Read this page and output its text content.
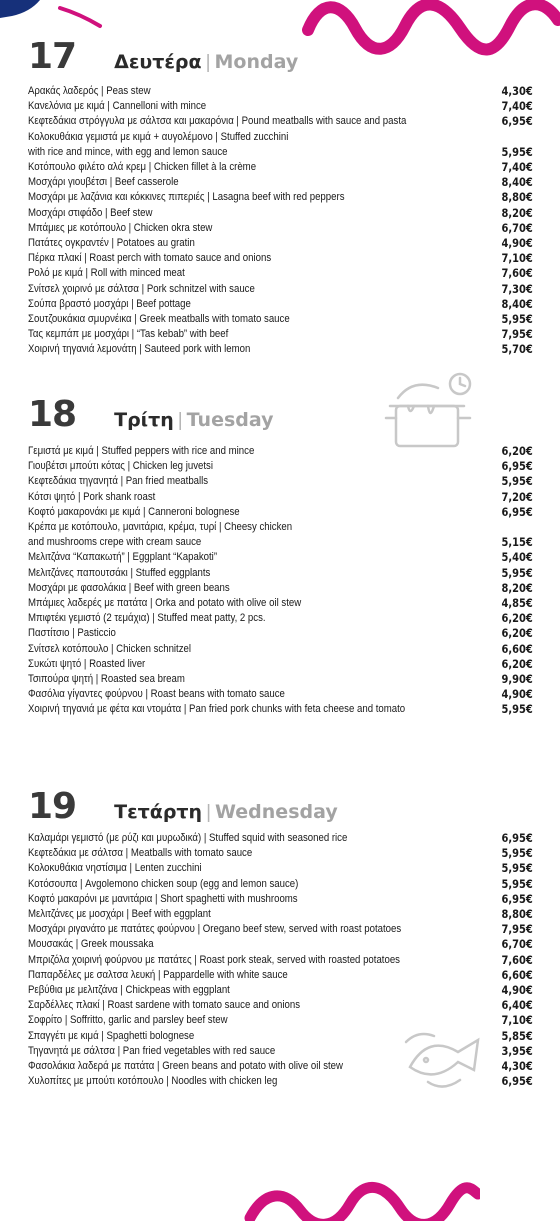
17 Δευτέρα | Monday
Αρακάς λαδερός | Peas stew	4,30€
Κανελόνια με κιμά | Cannelloni with mince	7,40€
Κεφτεδάκια στρόγγυλα με σάλτσα και μακαρόνια | Pound meatballs with sauce and pasta	6,95€
Κολοκυθάκια γεμιστά με κιμά + αυγολέμονο | Stuffed zucchini
with rice and mince, with egg and lemon sauce	5,95€
Κοτόπουλο φιλέτο αλά κρεμ | Chicken fillet à la crème	7,40€
Μοσχάρι γιουβέτσι | Beef casserole	8,40€
Μοσχάρι με λαζάνια και κόκκινες πιπεριές | Lasagna beef with red peppers	8,80€
Μοσχάρι στιφάδο | Beef stew	8,20€
Μπάμιες με κοτόπουλο | Chicken okra stew	6,70€
Πατάτες ογκραντέν | Potatoes au gratin	4,90€
Πέρκα πλακί | Roast perch with tomato sauce and onions	7,10€
Ρολό με κιμά | Roll with minced meat	7,60€
Σνίτσελ χοιρινό με σάλτσα | Pork schnitzel with sauce	7,30€
Σούπα βραστό μοσχάρι | Beef pottage	8,40€
Σουτζουκάκια σμυρνέικα | Greek meatballs with tomato sauce	5,95€
Τας κεμπάπ με μοσχάρι | “Tas kebab” with beef	7,95€
Χοιρινή τηγανιά λεμονάτη | Sauteed pork with lemon	5,70€
18 Τρίτη | Tuesday
Γεμιστά με κιμά | Stuffed peppers with rice and mince	6,20€
Γιουβέτσι μπούτι κότας | Chicken leg juvetsi	6,95€
Κεφτεδάκια τηγανητά | Pan fried meatballs	5,95€
Κότσι ψητό | Pork shank roast	7,20€
Κοφτό μακαρονάκι με κιμά | Canneroni bolognese	6,95€
Κρέπα με κοτόπουλο, μανιτάρια, κρέμα, τυρί | Cheesy chicken
and mushrooms crepe with cream sauce	5,15€
Μελιτζάνα “Καπακωτή” | Eggplant “Kapakoti”	5,40€
Μελιτζάνες παπουτσάκι | Stuffed eggplants	5,95€
Μοσχάρι με φασολάκια | Beef with green beans	8,20€
Μπάμιες λαδερές με πατάτα | Orka and potato with olive oil stew	4,85€
Μπιφτέκι γεμιστό (2 τεμάχια) | Stuffed meat patty, 2 pcs.	6,20€
Παστίτσιο | Pasticcio	6,20€
Σνίτσελ κοτόπουλο | Chicken schnitzel	6,60€
Συκώτι ψητό | Roasted liver	6,20€
Τσιπούρα ψητή | Roasted sea bream	9,90€
Φασόλια γίγαντες φούρνου | Roast beans with tomato sauce	4,90€
Χοιρινή τηγανιά με φέτα και ντομάτα | Pan fried pork chunks with feta cheese and tomato	5,95€
19 Τετάρτη | Wednesday
Καλαμάρι γεμιστό (με ρύζι και μυρωδικά) | Stuffed squid with seasoned rice	6,95€
Κεφτεδάκια με σάλτσα | Meatballs with tomato sauce	5,95€
Κολοκυθάκια νηστίσιμα | Lenten zucchini	5,95€
Κοτόσουπα | Avgolemono chicken soup (egg and lemon sauce)	5,95€
Κοφτό μακαρόνι με μανιτάρια | Short spaghetti with mushrooms	6,95€
Μελιτζάνες με μοσχάρι | Beef with eggplant	8,80€
Μοσχάρι ριγανάτο με πατάτες φούρνου | Oregano beef stew, served with roast potatoes	7,95€
Μουσακάς | Greek moussaka	6,70€
Μπριζόλα χοιρινή φούρνου με πατάτες | Roast pork steak, served with roasted potatoes	7,60€
Παπαρδέλες με σαλτσα λευκή | Pappardelle with white sauce	6,60€
Ρεβύθια με μελιτζάνα | Chickpeas with eggplant	4,90€
Σαρδέλλες πλακί | Roast sardene with tomato sauce and onions	6,40€
Σοφρίτο | Soffritto, garlic and parsley beef stew	7,10€
Σπαγγέτι με κιμά | Spaghetti bolognese	5,85€
Τηγανητά με σάλτσα | Pan fried vegetables with red sauce	3,95€
Φασολάκια λαδερά με πατάτα | Green beans and potato with olive oil stew	4,30€
Χυλοπίτες με μπούτι κοτόπουλο | Noodles with chicken leg	6,95€
